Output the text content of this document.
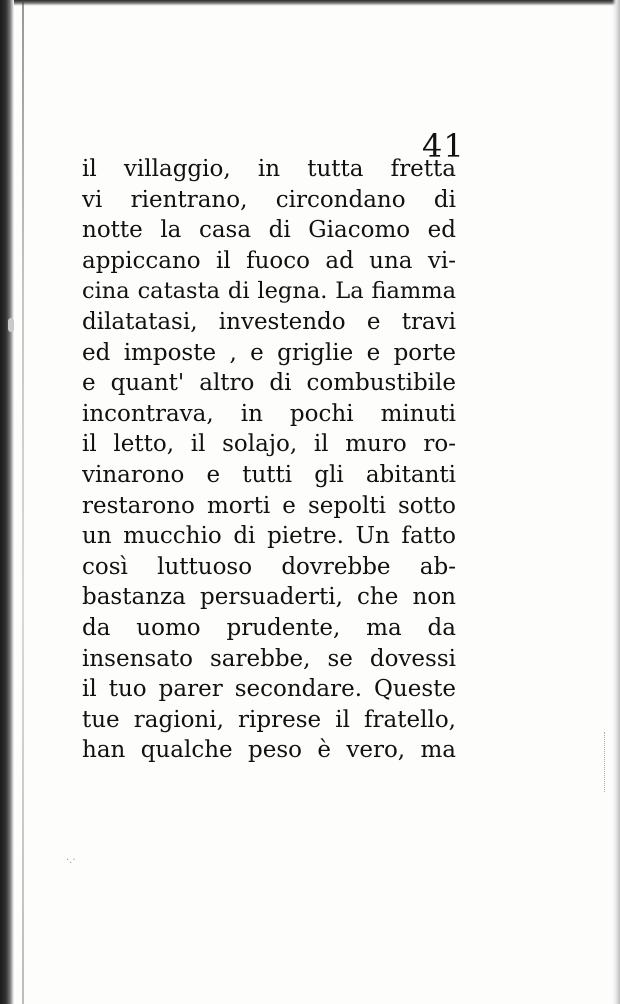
41
il villaggio, in tutta fretta
vi rientrano, circondano di
notte la casa di Giacomo ed
appiccano il fuoco ad una vi-
cina catasta di legna. La fiamma
dilatatasi, investendo e travi
ed imposte , e griglie e porte
e quant' altro di combustibile
incontrava, in pochi minuti
il letto, il solajo, il muro ro-
vinarono e tutti gli abitanti
restarono morti e sepolti sotto
un mucchio di pietre. Un fatto
così luttuoso dovrebbe ab-
bastanza persuaderti, che non
da uomo prudente, ma da
insensato sarebbe, se dovessi
il tuo parer secondare. Queste
tue ragioni, riprese il fratello,
han qualche peso è vero, ma
·.·
